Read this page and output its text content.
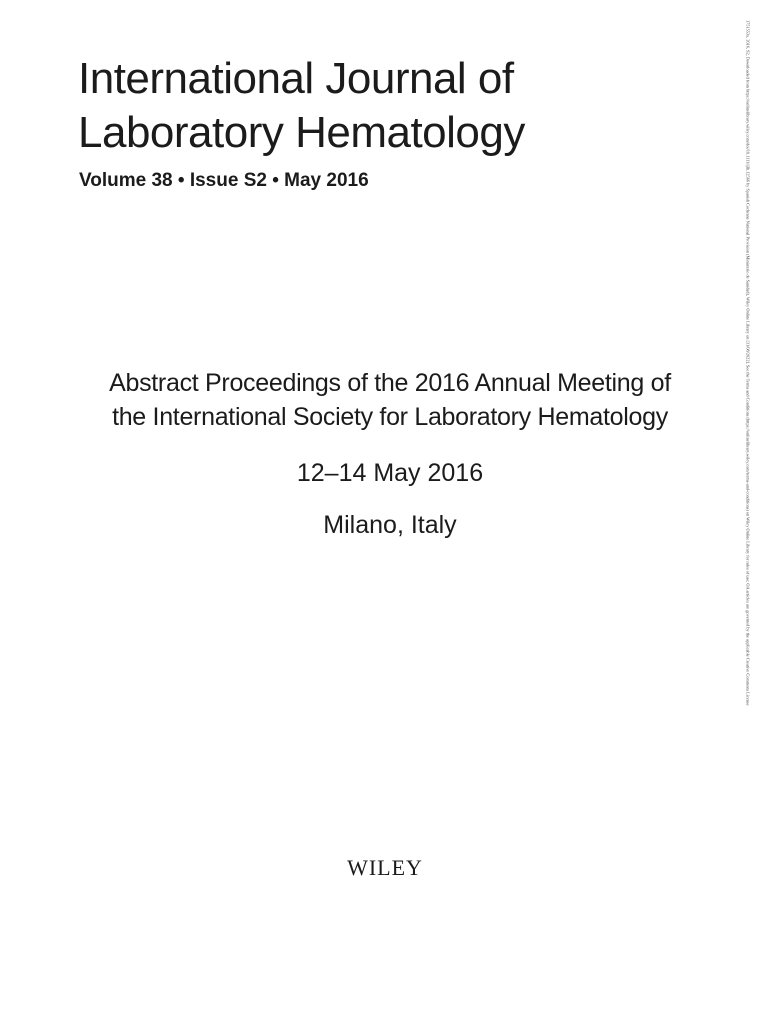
International Journal of
Laboratory Hematology

Volume 38 • Issue S2 • May 2016

Abstract Proceedings of the 2016 Annual Meeting of
the International Society for Laboratory Hematology

12–14 May 2016

Milano, Italy

WILEY
1751553x, 2016, S2, Downloaded from https://onlinelibrary.wiley.com/doi/10.1111/ijlh.12566 by Spanish Cochrane National Provision (Ministerio de Sanidad), Wiley Online Library on [31/08/2022]. See the Terms and Conditions (https://onlinelibrary.wiley.com/terms-and-conditions) on Wiley Online Library for rules of use; OA articles are governed by the applicable Creative Commons License
